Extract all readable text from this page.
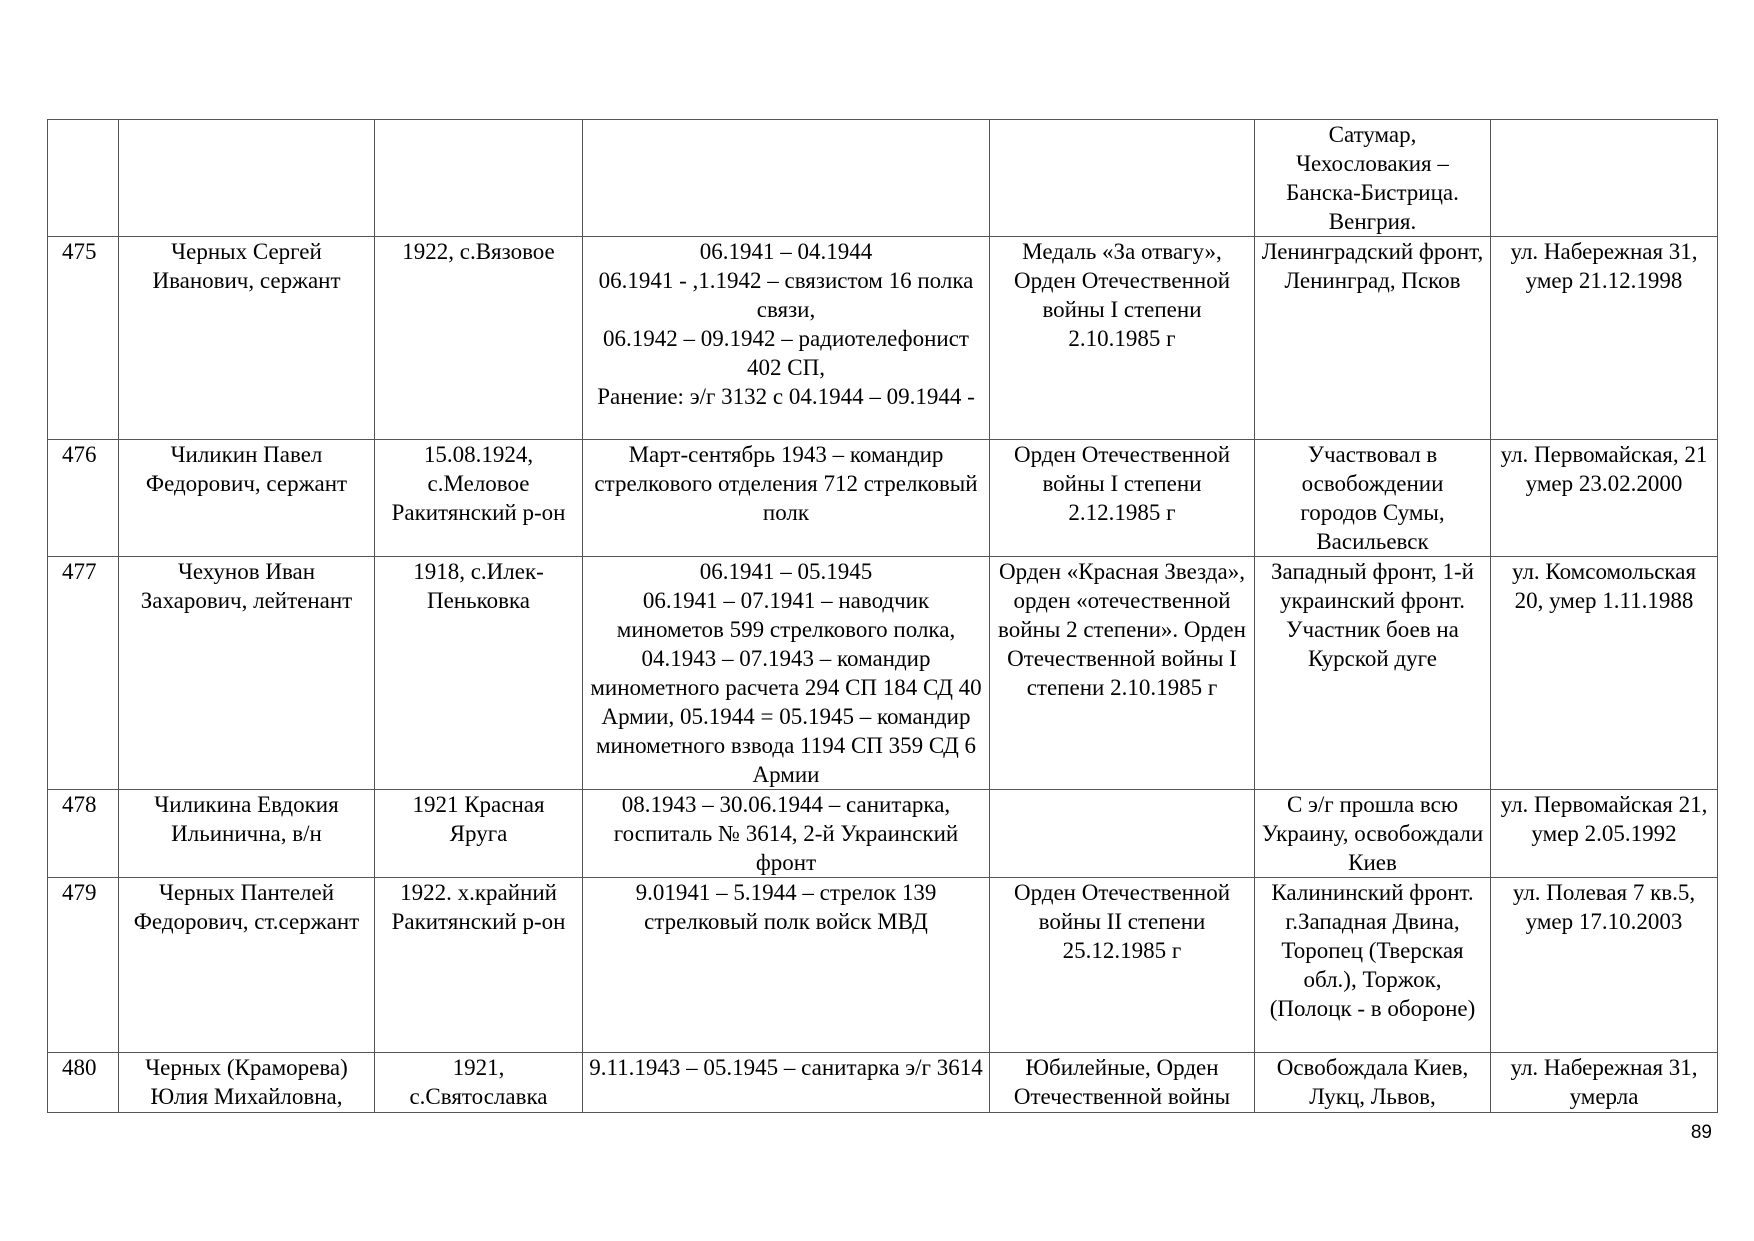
					Сатумар,
Чехословакия –
Банска-Бистрица.
Венгрия.	

475	Черных Сергей Иванович, сержант	1922, с.Вязовое	06.1941 – 04.1944
06.1941 - ,1.1942 – связистом 16 полка связи,
06.1942 – 09.1942 – радиотелефонист 402 СП,
Ранение: э/г 3132 с 04.1944 – 09.1944 -	Медаль «За отвагу», Орден Отечественной войны I степени 2.10.1985 г	Ленинградский фронт, Ленинград, Псков	ул. Набережная 31, умер 21.12.1998
476	Чиликин Павел Федорович, сержант	15.08.1924, с.Меловое Ракитянский р-он	Март-сентябрь 1943 – командир стрелкового отделения 712 стрелковый полк	Орден Отечественной войны I степени 2.12.1985 г	Участвовал в освобождении городов Сумы, Васильевск	ул. Первомайская, 21 умер 23.02.2000
477	Чехунов Иван Захарович, лейтенант	1918, с.Илек-Пеньковка	06.1941 – 05.1945
06.1941 – 07.1941 – наводчик минометов 599 стрелкового полка, 04.1943 – 07.1943 – командир минометного расчета 294 СП 184 СД 40 Армии, 05.1944 = 05.1945 – командир минометного взвода 1194 СП 359 СД 6 Армии	Орден «Красная Звезда», орден «отечественной войны 2 степени». Орден Отечественной войны I степени 2.10.1985 г	Западный фронт, 1-й украинский фронт. Участник боев на Курской дуге	ул. Комсомольская 20, умер 1.11.1988
478	Чиликина Евдокия Ильинична, в/н	1921 Красная Яруга	08.1943 – 30.06.1944 – санитарка, госпиталь № 3614, 2-й Украинский фронт		С э/г прошла всю Украину, освобождали Киев	ул. Первомайская 21, умер 2.05.1992
479	Черных Пантелей Федорович, ст.сержант	1922. х.крайний Ракитянский р-он	9.01941 – 5.1944 – стрелок 139 стрелковый полк войск МВД	Орден Отечественной войны II степени 25.12.1985 г	Калининский фронт. г.Западная Двина, Торопец (Тверская обл.), Торжок, (Полоцк - в обороне)	ул. Полевая 7 кв.5, умер 17.10.2003
480	Черных (Краморева) Юлия Михайловна,	1921, с.Святославка	9.11.1943 – 05.1945 – санитарка э/г 3614	Юбилейные, Орден Отечественной войны	Освобождала Киев, Лукц, Львов,	ул. Набережная 31, умерла
89
